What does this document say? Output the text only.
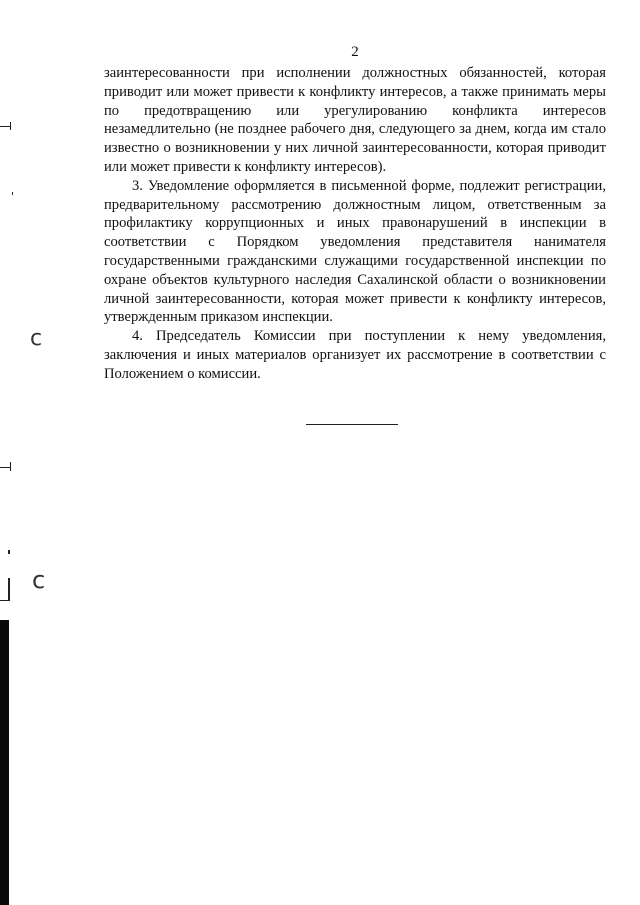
2

заинтересованности при исполнении должностных обязанностей, которая приводит или может привести к конфликту интересов, а также принимать меры по предотвращению или урегулированию конфликта интересов незамедлительно (не позднее рабочего дня, следующего за днем, когда им стало известно о возникновении у них личной заинтересованности, которая приводит или может привести к конфликту интересов).

3. Уведомление оформляется в письменной форме, подлежит регистрации, предварительному рассмотрению должностным лицом, ответственным за профилактику коррупционных и иных правонарушений в инспекции в соответствии с Порядком уведомления представителя нанимателя государственными гражданскими служащими государственной инспекции по охране объектов культурного наследия Сахалинской области о возникновении личной заинтересованности, которая может привести к конфликту интересов, утвержденным приказом инспекции.

4. Председатель Комиссии при поступлении к нему уведомления, заключения и иных материалов организует их рассмотрение в соответствии с Положением о комиссии.

ϲ
ϲ
